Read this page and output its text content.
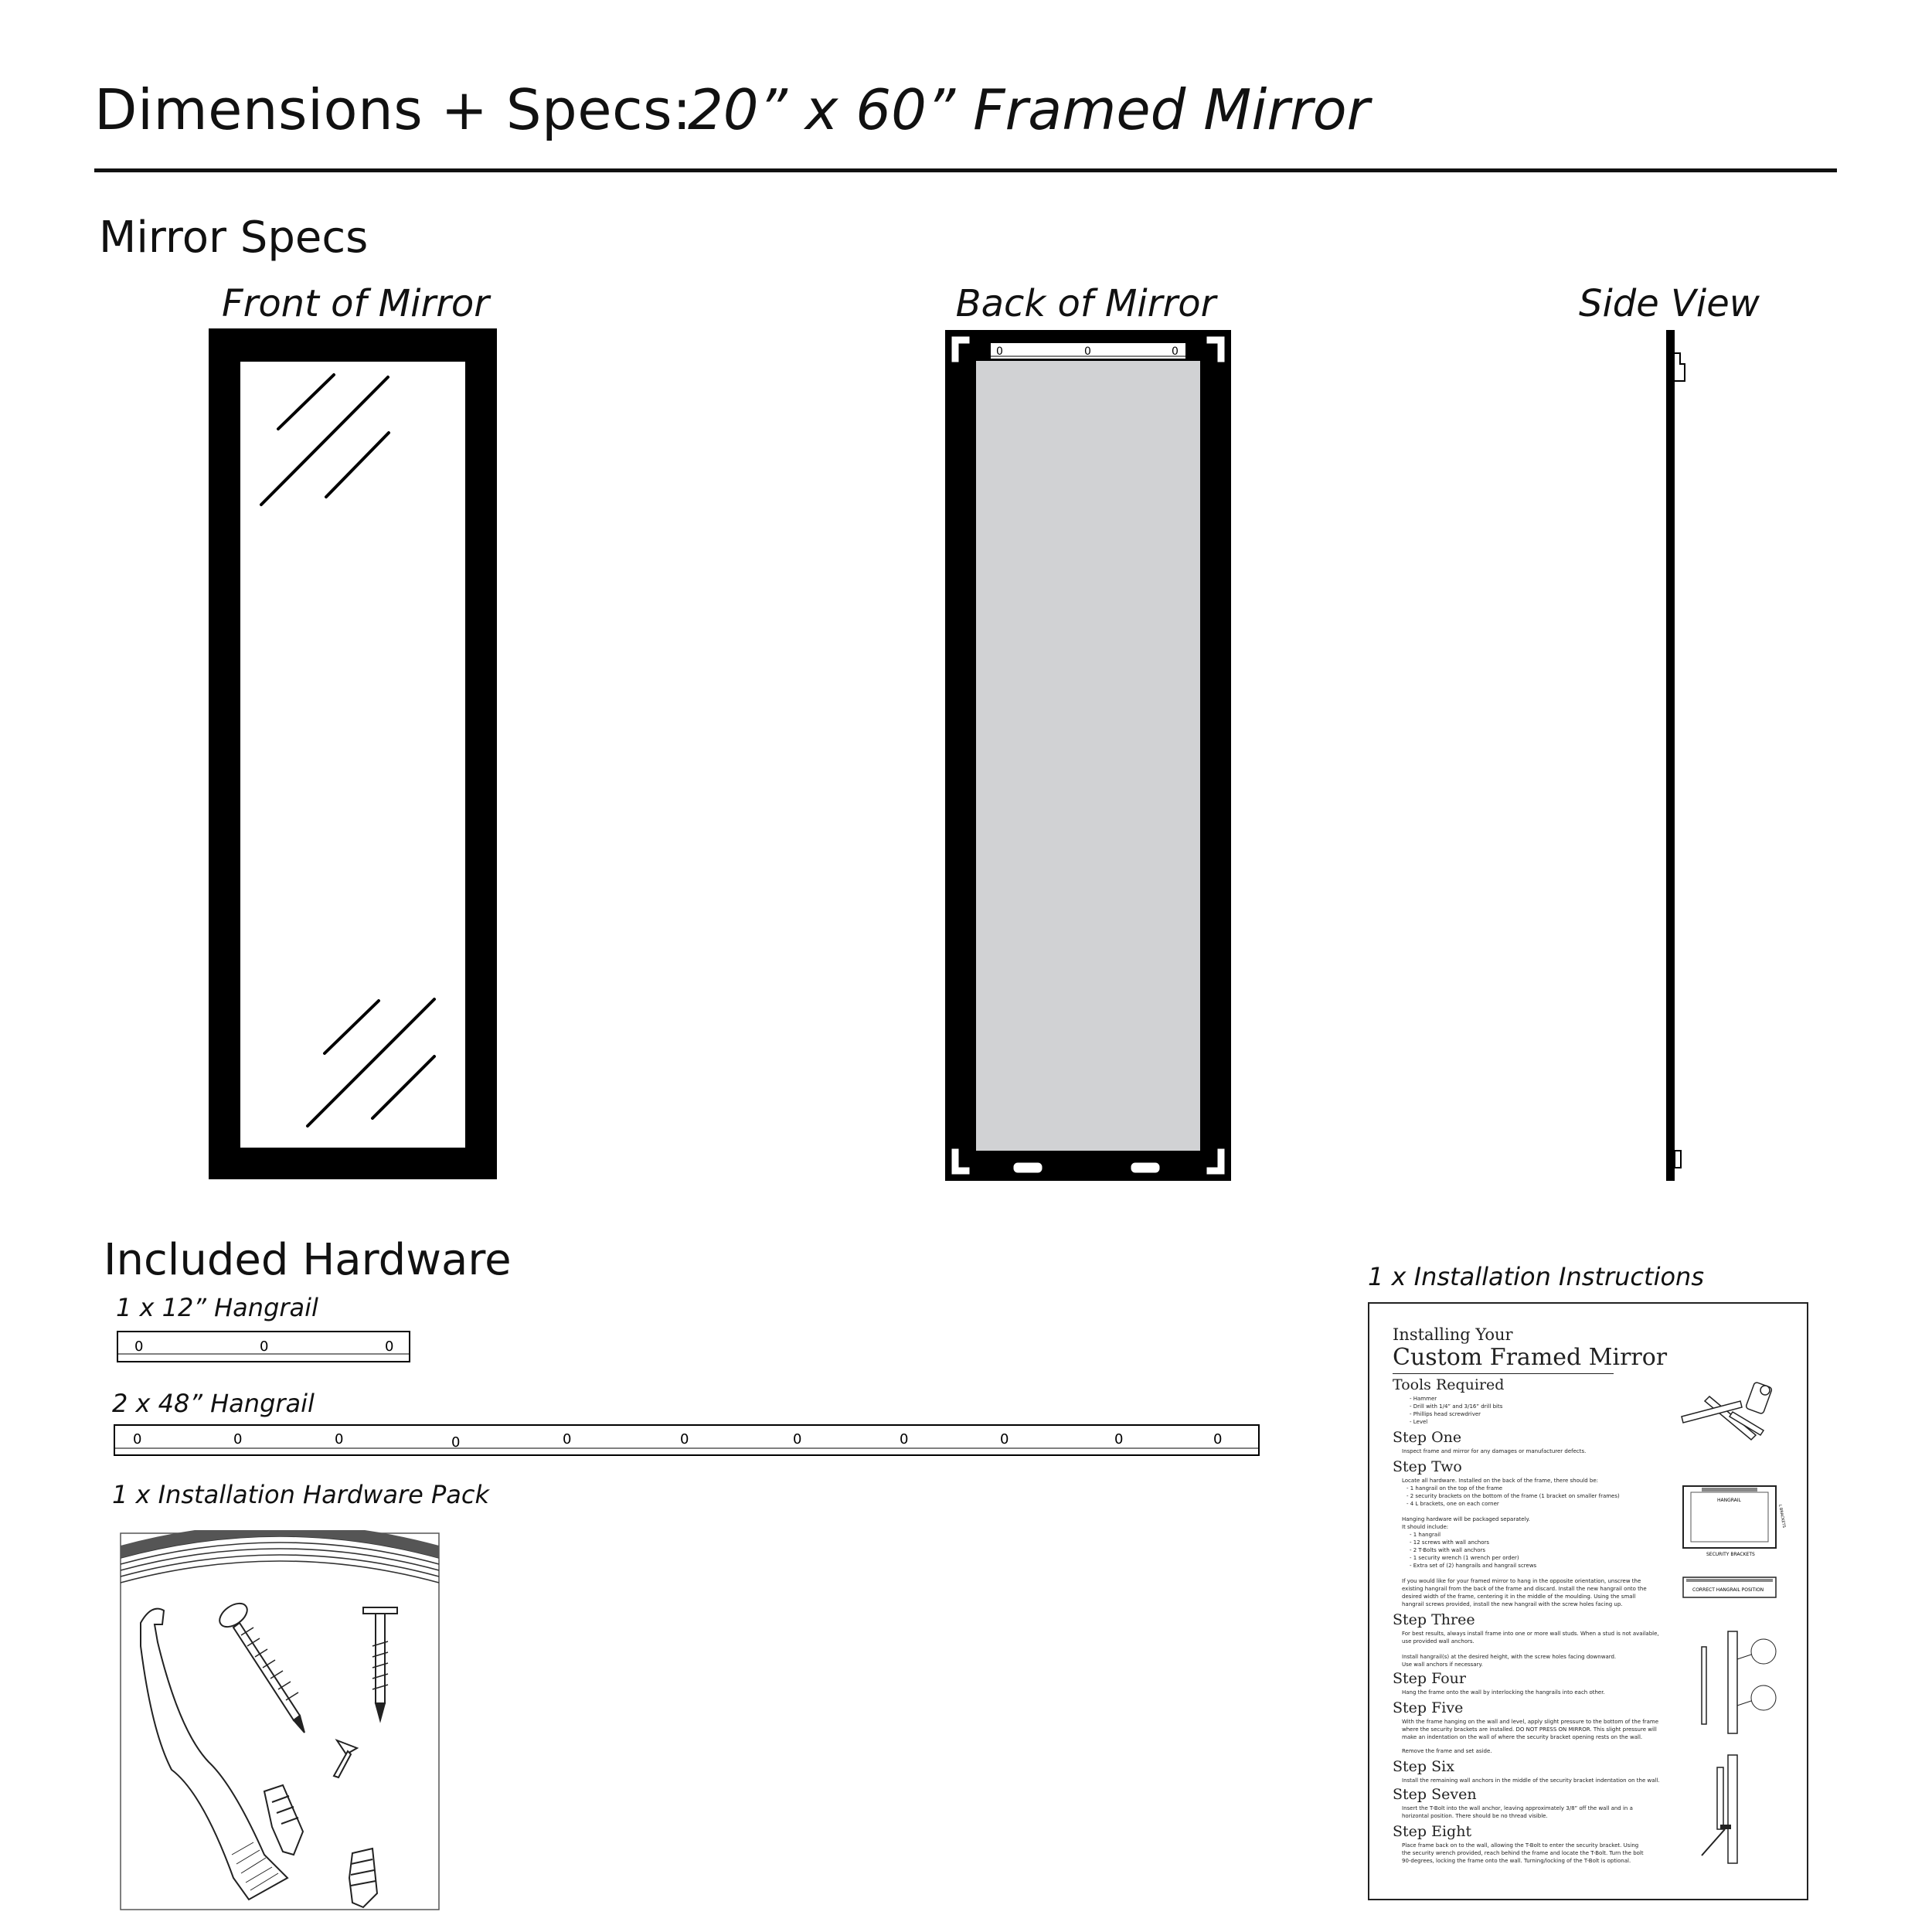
Dimensions + Specs:
20” x 60” Framed Mirror
Mirror Specs
Front of Mirror	Back of Mirror	Side View
0	0	0
Included Hardware
1 x 12” Hangrail
0	0	0
2 x 48” Hangrail
0	0	0	0	0	0	0	0	0	0	0
1 x Installation Hardware Pack
1 x Installation Instructions
Installing Your
Custom Framed Mirror
Tools Required
- Hammer
- Drill with 1/4” and 3/16” drill bits
- Phillips head screwdriver
- Level
Step One
Inspect frame and mirror for any damages or manufacturer defects.
Step Two
Locate all hardware. Installed on the back of the frame, there should be:
- 1 hangrail on the top of the frame
- 2 security brackets on the bottom of the frame (1 bracket on smaller frames)
- 4 L brackets, one on each corner
Hanging hardware will be packaged separately.
It should include:
- 1 hangrail
- 12 screws with wall anchors
- 2 T-Bolts with wall anchors
- 1 security wrench (1 wrench per order)
- Extra set of (2) hangrails and hangrail screws
If you would like for your framed mirror to hang in the opposite orientation, unscrew the
existing hangrail from the back of the frame and discard. Install the new hangrail onto the
desired width of the frame, centering it in the middle of the moulding. Using the small
hangrail screws provided, install the new hangrail with the screw holes facing up.
Step Three
For best results, always install frame into one or more wall studs. When a stud is not available,
use provided wall anchors.
Install hangrail(s) at the desired height, with the screw holes facing downward.
Use wall anchors if necessary.
Step Four
Hang the frame onto the wall by interlocking the hangrails into each other.
Step Five
With the frame hanging on the wall and level, apply slight pressure to the bottom of the frame
where the security brackets are installed. DO NOT PRESS ON MIRROR. This slight pressure will
make an indentation on the wall of where the security bracket opening rests on the wall.
Remove the frame and set aside.
Step Six
Install the remaining wall anchors in the middle of the security bracket indentation on the wall.
Step Seven
Insert the T-Bolt into the wall anchor, leaving approximately 3/8” off the wall and in a
horizontal position. There should be no thread visible.
Step Eight
Place frame back on to the wall, allowing the T-Bolt to enter the security bracket. Using
the security wrench provided, reach behind the frame and locate the T-Bolt. Turn the bolt
90-degrees, locking the frame onto the wall. Turning/locking of the T-Bolt is optional.
HANGRAIL
L BRACKETS
SECURITY BRACKETS
CORRECT HANGRAIL POSITION
